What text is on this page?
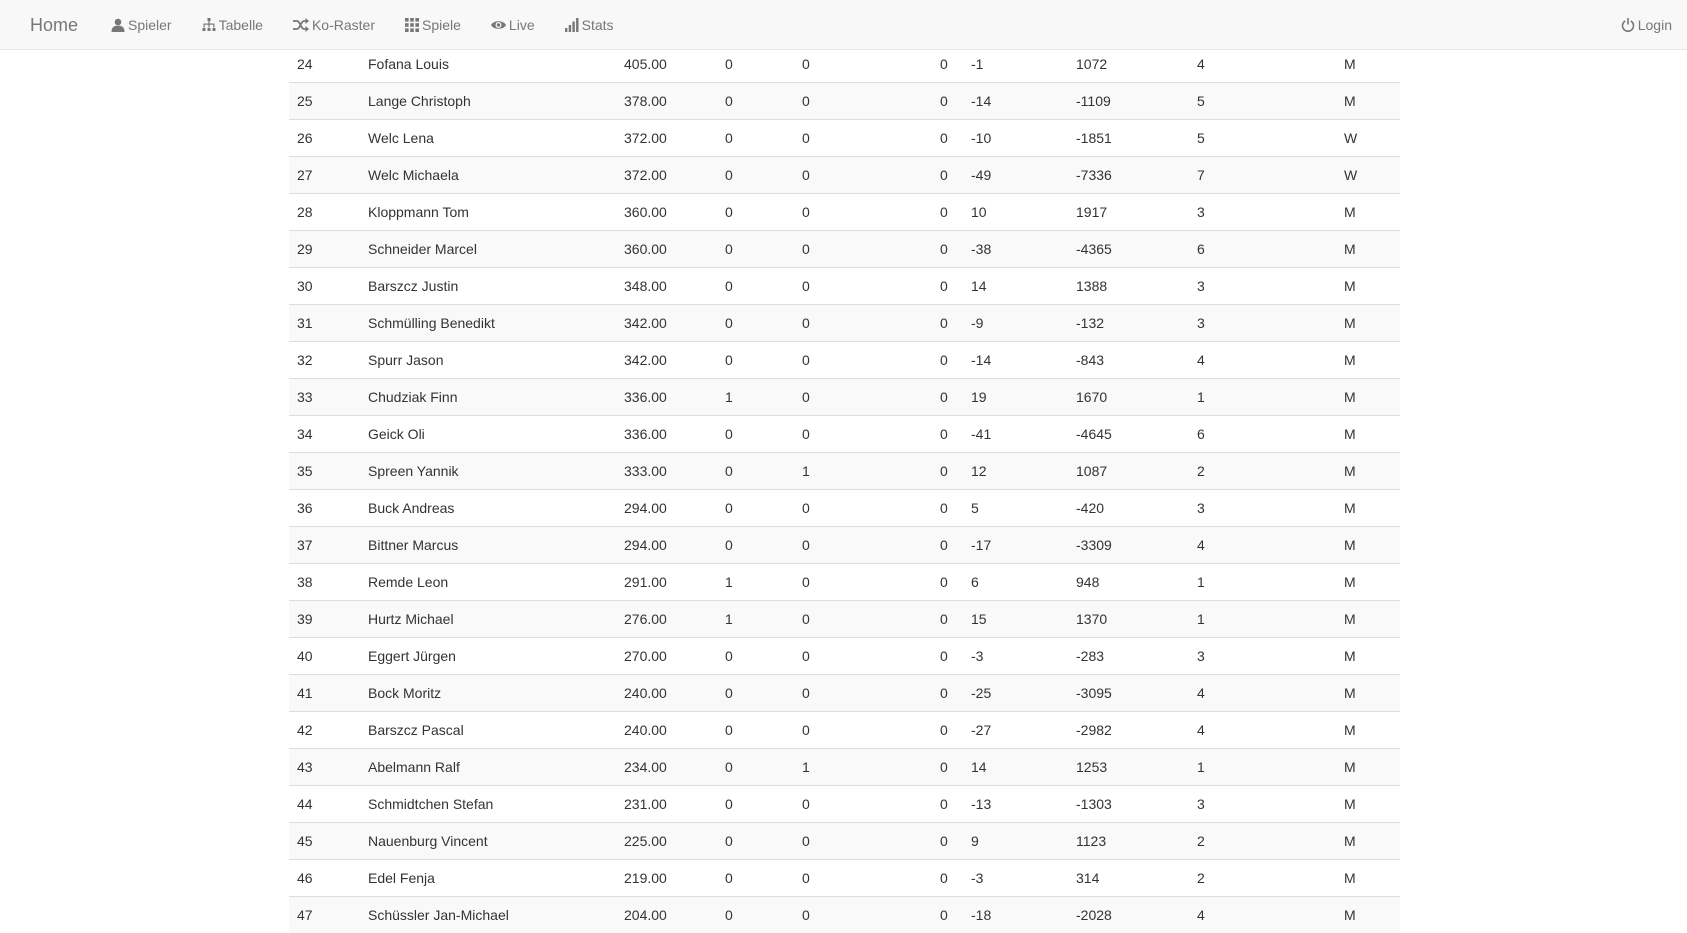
Home	Spieler	Tabelle	Ko-Raster	Spiele	Live	Stats	Login
24	Fofana Louis	405.00	0	0	0	-1	1072	4	M
25	Lange Christoph	378.00	0	0	0	-14	-1109	5	M
26	Welc Lena	372.00	0	0	0	-10	-1851	5	W
27	Welc Michaela	372.00	0	0	0	-49	-7336	7	W
28	Kloppmann Tom	360.00	0	0	0	10	1917	3	M
29	Schneider Marcel	360.00	0	0	0	-38	-4365	6	M
30	Barszcz Justin	348.00	0	0	0	14	1388	3	M
31	Schmülling Benedikt	342.00	0	0	0	-9	-132	3	M
32	Spurr Jason	342.00	0	0	0	-14	-843	4	M
33	Chudziak Finn	336.00	1	0	0	19	1670	1	M
34	Geick Oli	336.00	0	0	0	-41	-4645	6	M
35	Spreen Yannik	333.00	0	1	0	12	1087	2	M
36	Buck Andreas	294.00	0	0	0	5	-420	3	M
37	Bittner Marcus	294.00	0	0	0	-17	-3309	4	M
38	Remde Leon	291.00	1	0	0	6	948	1	M
39	Hurtz Michael	276.00	1	0	0	15	1370	1	M
40	Eggert Jürgen	270.00	0	0	0	-3	-283	3	M
41	Bock Moritz	240.00	0	0	0	-25	-3095	4	M
42	Barszcz Pascal	240.00	0	0	0	-27	-2982	4	M
43	Abelmann Ralf	234.00	0	1	0	14	1253	1	M
44	Schmidtchen Stefan	231.00	0	0	0	-13	-1303	3	M
45	Nauenburg Vincent	225.00	0	0	0	9	1123	2	M
46	Edel Fenja	219.00	0	0	0	-3	314	2	M
47	Schüssler Jan-Michael	204.00	0	0	0	-18	-2028	4	M
